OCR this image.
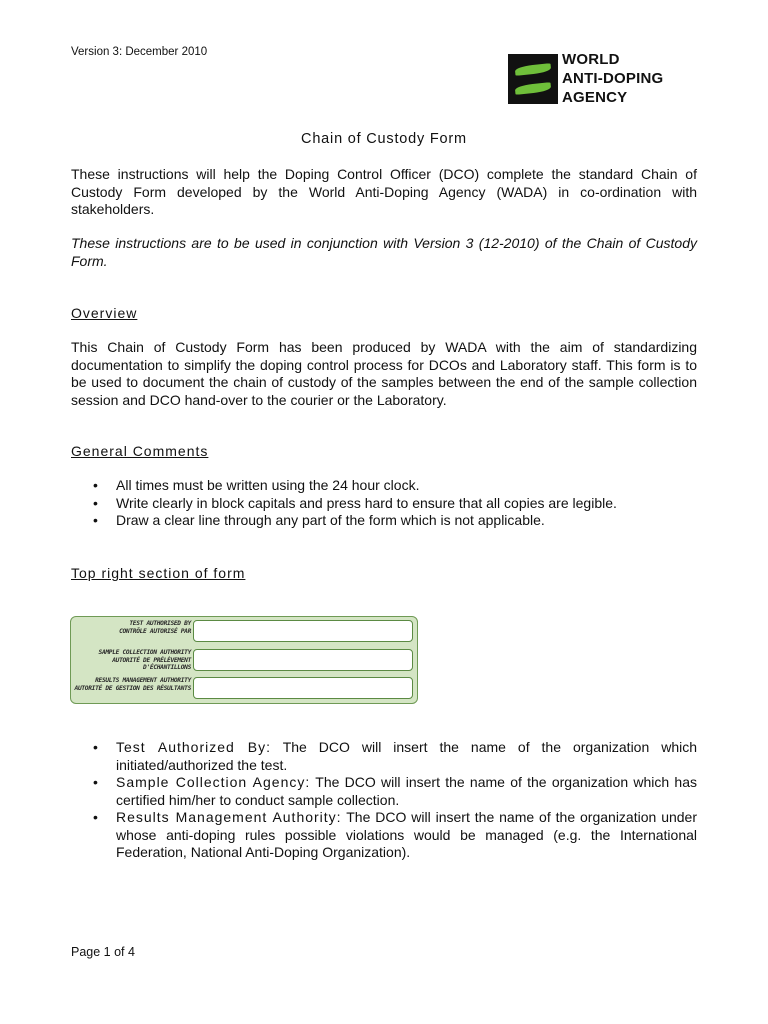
Version 3: December 2010	WORLD
ANTI-DOPING
AGENCY
Chain of Custody Form
These instructions will help the Doping Control Officer (DCO) complete the standard Chain of Custody Form developed by the World Anti-Doping Agency (WADA) in co-ordination with stakeholders.
These instructions are to be used in conjunction with Version 3 (12-2010) of the Chain of Custody Form.
Overview
This Chain of Custody Form has been produced by WADA with the aim of standardizing documentation to simplify the doping control process for DCOs and Laboratory staff. This form is to be used to document the chain of custody of the samples between the end of the sample collection session and DCO hand-over to the courier or the Laboratory.
General Comments
• All times must be written using the 24 hour clock.
• Write clearly in block capitals and press hard to ensure that all copies are legible.
• Draw a clear line through any part of the form which is not applicable.
Top right section of form
TEST AUTHORISED BY
CONTRÔLE AUTORISÉ PAR
SAMPLE COLLECTION AUTHORITY
AUTORITÉ DE PRÉLÈVEMENT D'ÉCHANTILLONS
RESULTS MANAGEMENT AUTHORITY
AUTORITÉ DE GESTION DES RÉSULTANTS
• Test Authorized By: The DCO will insert the name of the organization which initiated/authorized the test.
• Sample Collection Agency: The DCO will insert the name of the organization which has certified him/her to conduct sample collection.
• Results Management Authority: The DCO will insert the name of the organization under whose anti-doping rules possible violations would be managed (e.g. the International Federation, National Anti-Doping Organization).
Page 1 of 4
